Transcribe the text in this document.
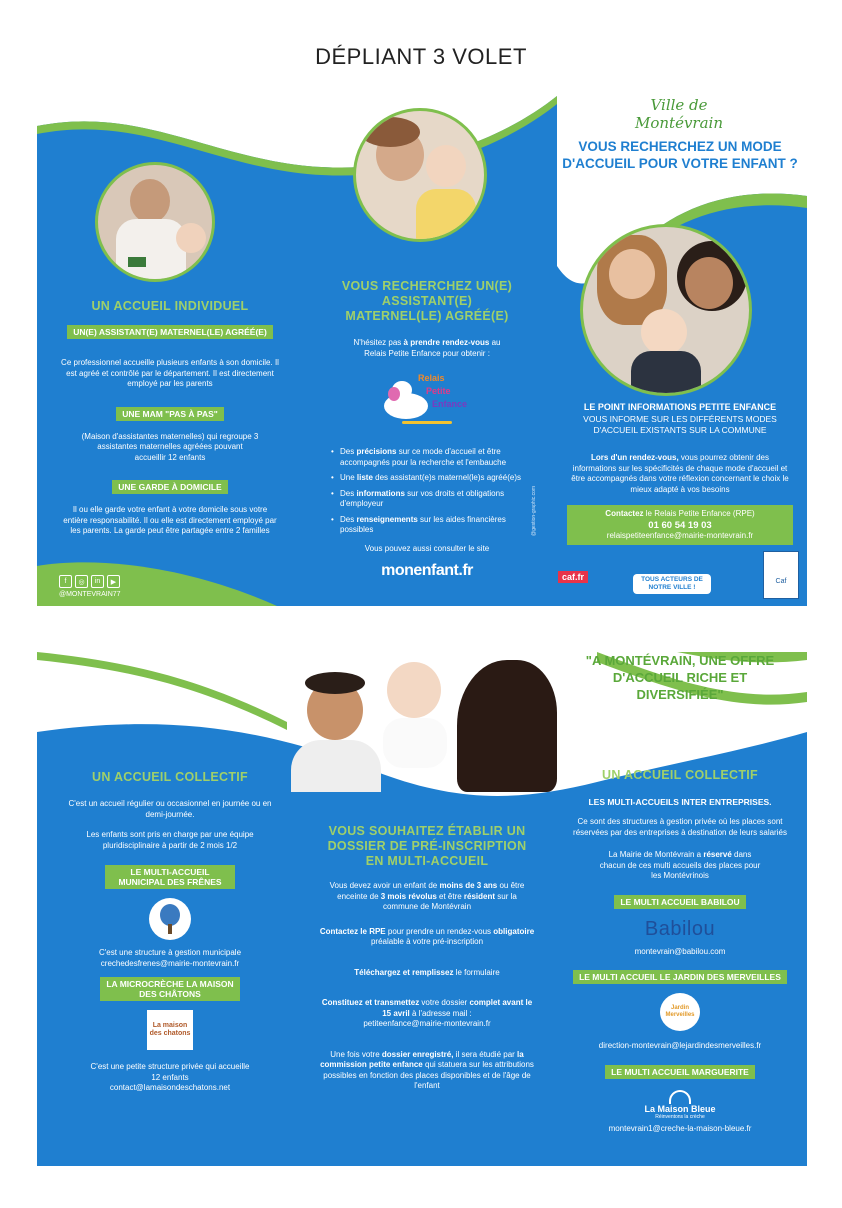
DÉPLIANT 3 VOLET
UN ACCUEIL INDIVIDUEL
UN(E) ASSISTANT(E) MATERNEL(LE) AGRÉÉ(E)
Ce professionnel accueille plusieurs enfants à son domicile. Il est agréé et contrôlé par le département. Il est directement employé par les parents
UNE MAM "PAS À PAS"
(Maison d'assistantes maternelles) qui regroupe 3 assistantes maternelles agréées pouvant accueillir 12 enfants
UNE GARDE À DOMICILE
Il ou elle garde votre enfant à votre domicile sous votre entière responsabilité. Il ou elle est directement employé par les parents. La garde peut être partagée entre 2 familles
f	◎	in	▶
@MONTEVRAIN77
VOUS RECHERCHEZ UN(E) ASSISTANT(E) MATERNEL(LE) AGRÉÉ(E)
N'hésitez pas à prendre rendez-vous au Relais Petite Enfance pour obtenir :
Relais
Petite
Enfance
• Des précisions sur ce mode d'accueil et être accompagnés pour la recherche et l'embauche
• Une liste des assistant(e)s maternel(le)s agréé(e)s
• Des informations sur vos droits et obligations d'employeur
• Des renseignements sur les aides financières possibles
Vous pouvez aussi consulter le site
monenfant.fr
@gestion-graphic.com
Ville de Montévrain
VOUS RECHERCHEZ UN MODE D'ACCUEIL POUR VOTRE ENFANT ?
LE POINT INFORMATIONS PETITE ENFANCE
VOUS INFORME SUR LES DIFFÉRENTS MODES D'ACCUEIL EXISTANTS SUR LA COMMUNE
Lors d'un rendez-vous, vous pourrez obtenir des informations sur les spécificités de chaque mode d'accueil et être accompagnés dans votre réflexion concernant le choix le mieux adapté à vos besoins
Contactez le Relais Petite Enfance (RPE)
01 60 54 19 03
relaispetiteenfance@mairie-montevrain.fr
caf.fr	TOUS ACTEURS DE NOTRE VILLE !
Caf
"A MONTÉVRAIN, UNE OFFRE D'ACCUEIL RICHE ET DIVERSIFIÉE"
UN ACCUEIL COLLECTIF
C'est un accueil régulier ou occasionnel en journée ou en demi-journée.
Les enfants sont pris en charge par une équipe pluridisciplinaire à partir de 2 mois 1/2
LE MULTI-ACCUEIL MUNICIPAL DES FRÊNES
C'est une structure à gestion municipale
crechedesfrenes@mairie-montevrain.fr
LA MICROCRÈCHE LA MAISON DES CHÂTONS
La maison des chatons
C'est une petite structure privée qui accueille 12 enfants
contact@lamaisondeschatons.net
VOUS SOUHAITEZ ÉTABLIR UN DOSSIER DE PRÉ-INSCRIPTION EN MULTI-ACCUEIL
Vous devez avoir un enfant de moins de 3 ans ou être enceinte de 3 mois révolus et être résident sur la commune de Montévrain
Contactez le RPE pour prendre un rendez-vous obligatoire préalable à votre pré-inscription
Téléchargez et remplissez le formulaire
Constituez et transmettez votre dossier complet avant le 15 avril à l'adresse mail :
petiteenfance@mairie-montevrain.fr
Une fois votre dossier enregistré, il sera étudié par la commission petite enfance qui statuera sur les attributions possibles en fonction des places disponibles et de l'âge de l'enfant
UN ACCUEIL COLLECTIF
LES MULTI-ACCUEILS INTER ENTREPRISES.
Ce sont des structures à gestion privée où les places sont réservées par des entreprises à destination de leurs salariés
La Mairie de Montévrain a réservé dans chacun de ces multi accueils des places pour les Montévrinois
LE MULTI ACCUEIL BABILOU
Babilou
montevrain@babilou.com
LE MULTI ACCUEIL LE JARDIN DES MERVEILLES
Jardin Merveilles
direction-montevrain@lejardindesmerveilles.fr
LE MULTI ACCUEIL MARGUERITE
La Maison Bleue
Réinventons la crèche
montevrain1@creche-la-maison-bleue.fr
